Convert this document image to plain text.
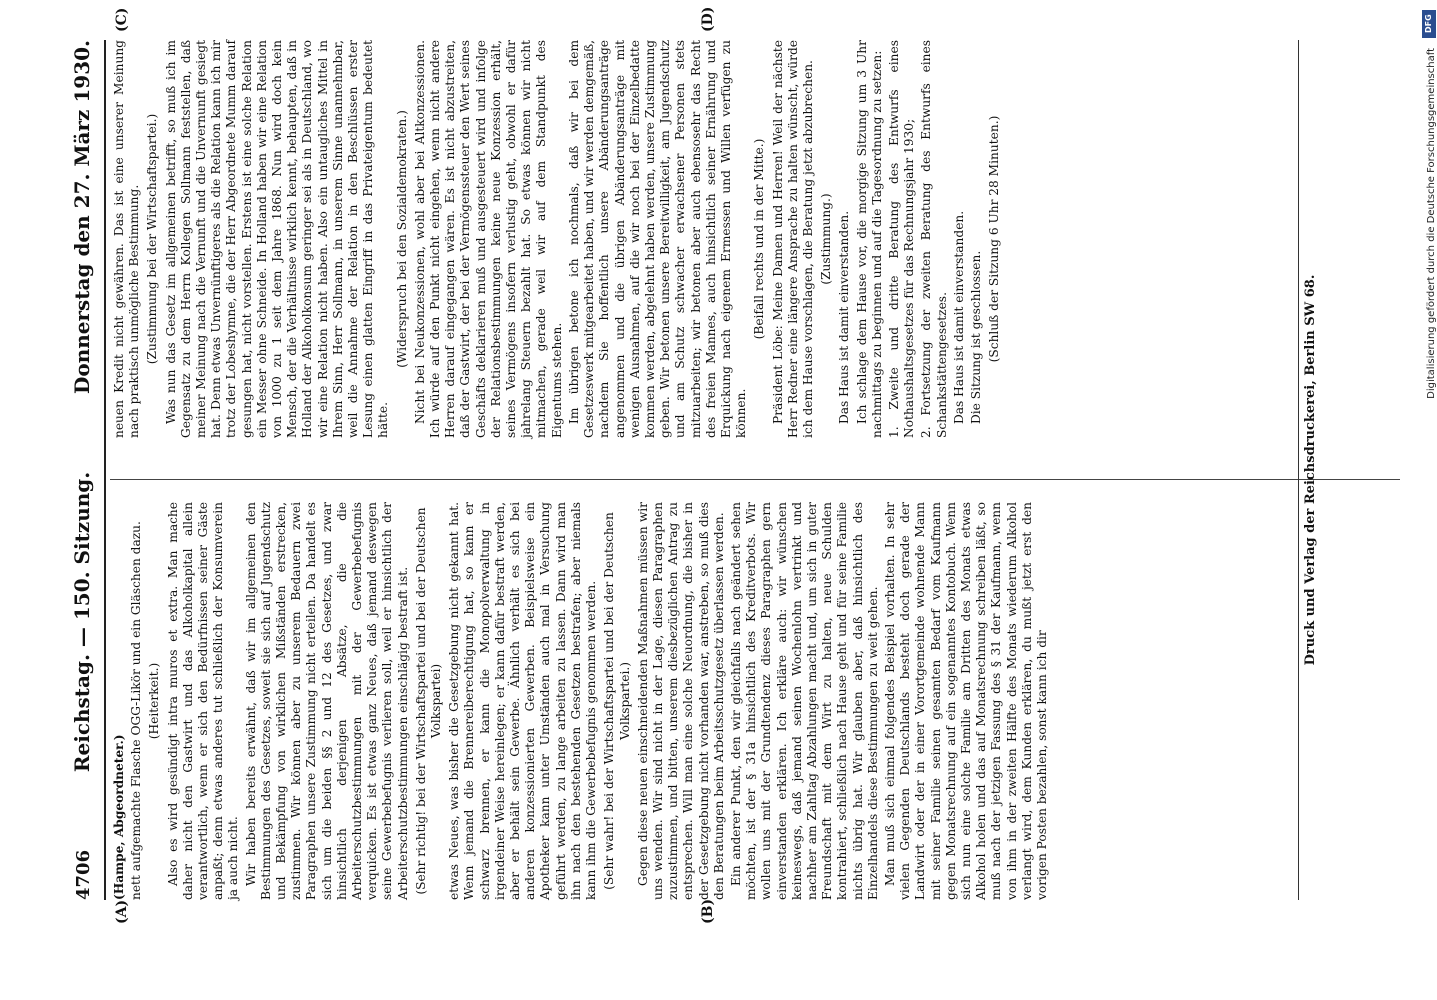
4706
Reichstag. — 150. Sitzung.
Donnerstag den 27. März 1930.
(A)	(B)
(C)	(D)

(Hampe, Abgeordneter.) nett aufgemachte Flasche OGG-Likör und ein Gläschen dazu. (Heiterkeit.) Also es wird gesündigt intra muros et extra. Man mache daher nicht den Gastwirt und das Alkoholkapital allein verantwortlich, wenn er sich den Bedürfnissen seiner Gäste anpaßt; denn etwas anderes tut schließlich der Konsumverein ja auch nicht. Wir haben bereits erwähnt, daß wir im allgemeinen den Bestimmungen des Gesetzes, soweit sie sich auf Jugendschutz und Bekämpfung von wirklichen Mißständen erstrecken, zustimmen. Wir können aber zu unserem Bedauern zwei Paragraphen unsere Zustimmung nicht erteilen. Da handelt es sich um die beiden §§ 2 und 12 des Gesetzes, und zwar hinsichtlich derjenigen Absätze, die die Arbeiterschutzbestimmungen mit der Gewerbebefugnis verquicken. Es ist etwas ganz Neues, daß jemand deswegen seine Gewerbebefugnis verlieren soll, weil er hinsichtlich der Arbeiterschutzbestimmungen einschlägig bestraft ist. (Sehr richtig! bei der Wirtschaftspartei und bei der Deutschen Volkspartei) etwas Neues, was bisher die Gesetzgebung nicht gekannt hat. Wenn jemand die Brennereiberechtigung hat, so kann er schwarz brennen, er kann die Monopolverwaltung in irgendeiner Weise hereinlegen; er kann dafür bestraft werden, aber er behält sein Gewerbe. Ähnlich verhält es sich bei anderen konzessionierten Gewerben. Beispielsweise ein Apotheker kann unter Umständen auch mal in Versuchung geführt werden, zu lange arbeiten zu lassen. Dann wird man ihn nach den bestehenden Gesetzen bestrafen; aber niemals kann ihm die Gewerbebefugnis genommen werden. (Sehr wahr! bei der Wirtschaftspartei und bei der Deutschen Volkspartei.) Gegen diese neuen einschneidenden Maßnahmen müssen wir uns wenden. Wir sind nicht in der Lage, diesen Paragraphen zuzustimmen, und bitten, unserem diesbezüglichen Antrag zu entsprechen. Will man eine solche Neuordnung, die bisher in der Gesetzgebung nicht vorhanden war, anstreben, so muß dies den Beratungen beim Arbeitsschutzgesetz überlassen werden. Ein anderer Punkt, den wir gleichfalls nach geändert sehen möchten, ist der § 31a hinsichtlich des Kreditverbots. Wir wollen uns mit der Grundtendenz dieses Paragraphen gern einverstanden erklären. Ich erkläre auch: wir wünschen keineswegs, daß jemand seinen Wochenlohn vertrinkt und nachher am Zahltag Abzahlungen macht und, um sich in guter Freundschaft mit dem Wirt zu halten, neue Schulden kontrahiert, schließlich nach Hause geht und für seine Familie nichts übrig hat. Wir glauben aber, daß hinsichtlich des Einzelhandels diese Bestimmungen zu weit gehen. Man muß sich einmal folgendes Beispiel vorhalten. In sehr vielen Gegenden Deutschlands besteht doch gerade der Landwirt oder der in einer Vorortgemeinde wohnende Mann mit seiner Familie seinen gesamten Bedarf vom Kaufmann gegen Monatsrechnung auf ein sogenanntes Kontobuch. Wenn sich nun eine solche Familie am Dritten des Monats etwas Alkohol holen und das auf Monatsrechnung schreiben läßt, so muß nach der jetzigen Fassung des § 31 der Kaufmann, wenn von ihm in der zweiten Hälfte des Monats wiederum Alkohol verlangt wird, dem Kunden erklären, du mußt jetzt erst den vorigen Posten bezahlen, sonst kann ich dir

neuen Kredit nicht gewähren. Das ist eine unserer Meinung nach praktisch unmögliche Bestimmung. (Zustimmung bei der Wirtschaftspartei.) Was nun das Gesetz im allgemeinen betrifft, so muß ich im Gegensatz zu dem Herrn Kollegen Sollmann feststellen, daß meiner Meinung nach die Vernunft und die Unvernunft gesiegt hat. Denn etwas Unvernünftigeres als die Relation kann ich mir trotz der Lobeshymne, die der Herr Abgeordnete Mumm darauf gesungen hat, nicht vorstellen. Erstens ist eine solche Relation ein Messer ohne Schneide. In Holland haben wir eine Relation von 1000 zu 1 seit dem Jahre 1868. Nun wird doch kein Mensch, der die Verhältnisse wirklich kennt, behaupten, daß in Holland der Alkoholkonsum geringer sei als in Deutschland, wo wir eine Relation nicht haben. Also ein untaugliches Mittel in Ihrem Sinn, Herr Sollmann, in unserem Sinne unannehmbar, weil die Annahme der Relation in den Beschlüssen erster Lesung einen glatten Eingriff in das Privateigentum bedeutet hätte.

(Widerspruch bei den Sozialdemokraten.) Nicht bei Neukonzessionen, wohl aber bei Altkonzessionen. Ich würde auf den Punkt nicht eingehen, wenn nicht andere Herren darauf eingegangen wären. Es ist nicht abzustreiten, daß der Gastwirt, der bei der Vermögenssteuer den Wert seines Geschäfts deklarieren muß und ausgesteuert wird und infolge der Relationsbestimmungen keine neue Konzession erhält, seines Vermögens insofern verlustig geht, obwohl er dafür jahrelang Steuern bezahlt hat. So etwas können wir nicht mitmachen, gerade weil wir auf dem Standpunkt des Eigentums stehen. Im übrigen betone ich nochmals, daß wir bei dem Gesetzeswerk mitgearbeitet haben, und wir werden demgemäß, nachdem Sie hoffentlich unsere Abänderungsanträge angenommen und die übrigen Abänderungsanträge mit wenigen Ausnahmen, auf die wir noch bei der Einzelbedatte kommen werden, abgelehnt haben werden, unsere Zustimmung geben. Wir betonen unsere Bereitwilligkeit, am Jugendschutz und am Schutz schwacher erwachsener Personen stets mitzuarbeiten; wir betonen aber auch ebensosehr das Recht des freien Mannes, auch hinsichtlich seiner Ernährung und Erquickung nach eigenem Ermessen und Willen verfügen zu können.

(Beifall rechts und in der Mitte.) Präsident Löbe: Meine Damen und Herren! Weil der nächste Herr Redner eine längere Ansprache zu halten wünscht, würde ich dem Hause vorschlagen, die Beratung jetzt abzubrechen. (Zustimmung.) Das Haus ist damit einverstanden. Ich schlage dem Hause vor, die morgige Sitzung um 3 Uhr nachmittags zu beginnen und auf die Tagesordnung zu setzen: 1. Zweite und dritte Beratung des Entwurfs eines Nothaushaltsgesetzes für das Rechnungsjahr 1930; 2. Fortsetzung der zweiten Beratung des Entwurfs eines Schankstättengesetzes. Das Haus ist damit einverstanden. Die Sitzung ist geschlossen. (Schluß der Sitzung 6 Uhr 28 Minuten.)

Druck und Verlag der Reichsdruckerei, Berlin SW 68.
DFG
Digitalisierung gefördert durch die Deutsche Forschungsgemeinschaft
